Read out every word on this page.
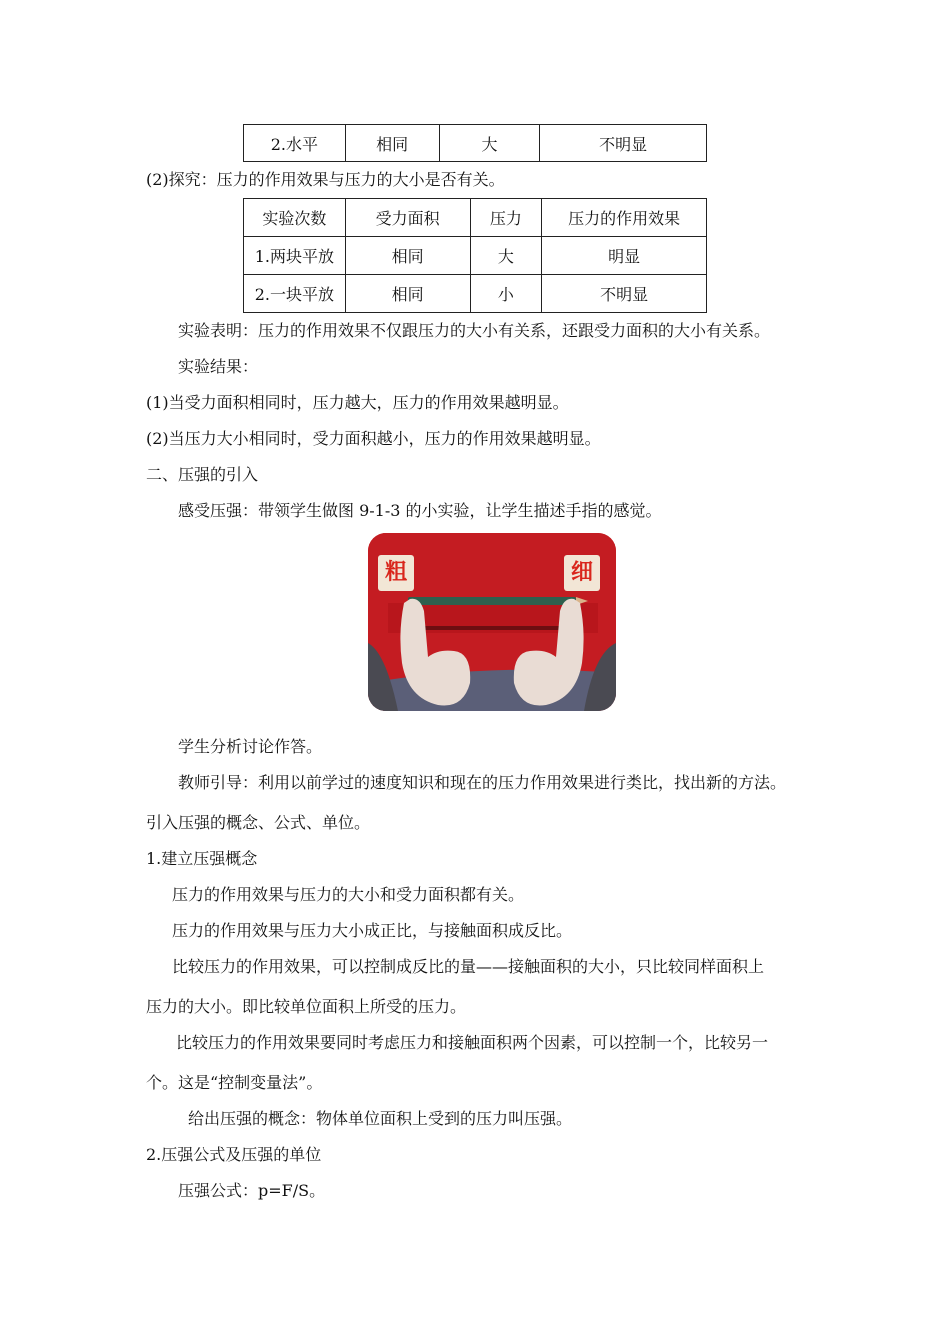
2.水平	相同	大	不明显
(2)探究：压力的作用效果与压力的大小是否有关。
实验次数	受力面积	压力	压力的作用效果
1.两块平放	相同	大	明显
2.一块平放	相同	小	不明显
实验表明：压力的作用效果不仅跟压力的大小有关系，还跟受力面积的大小有关系。
实验结果：
(1)当受力面积相同时，压力越大，压力的作用效果越明显。
(2)当压力大小相同时，受力面积越小，压力的作用效果越明显。
二、压强的引入
感受压强：带领学生做图 9-1-3 的小实验，让学生描述手指的感觉。
粗	细
学生分析讨论作答。
教师引导：利用以前学过的速度知识和现在的压力作用效果进行类比，找出新的方法。
引入压强的概念、公式、单位。
1.建立压强概念
压力的作用效果与压力的大小和受力面积都有关。
压力的作用效果与压力大小成正比，与接触面积成反比。
比较压力的作用效果，可以控制成反比的量——接触面积的大小，只比较同样面积上
压力的大小。即比较单位面积上所受的压力。
比较压力的作用效果要同时考虑压力和接触面积两个因素，可以控制一个，比较另一
个。这是“控制变量法”。
给出压强的概念：物体单位面积上受到的压力叫压强。
2.压强公式及压强的单位
压强公式：p=F/S。
